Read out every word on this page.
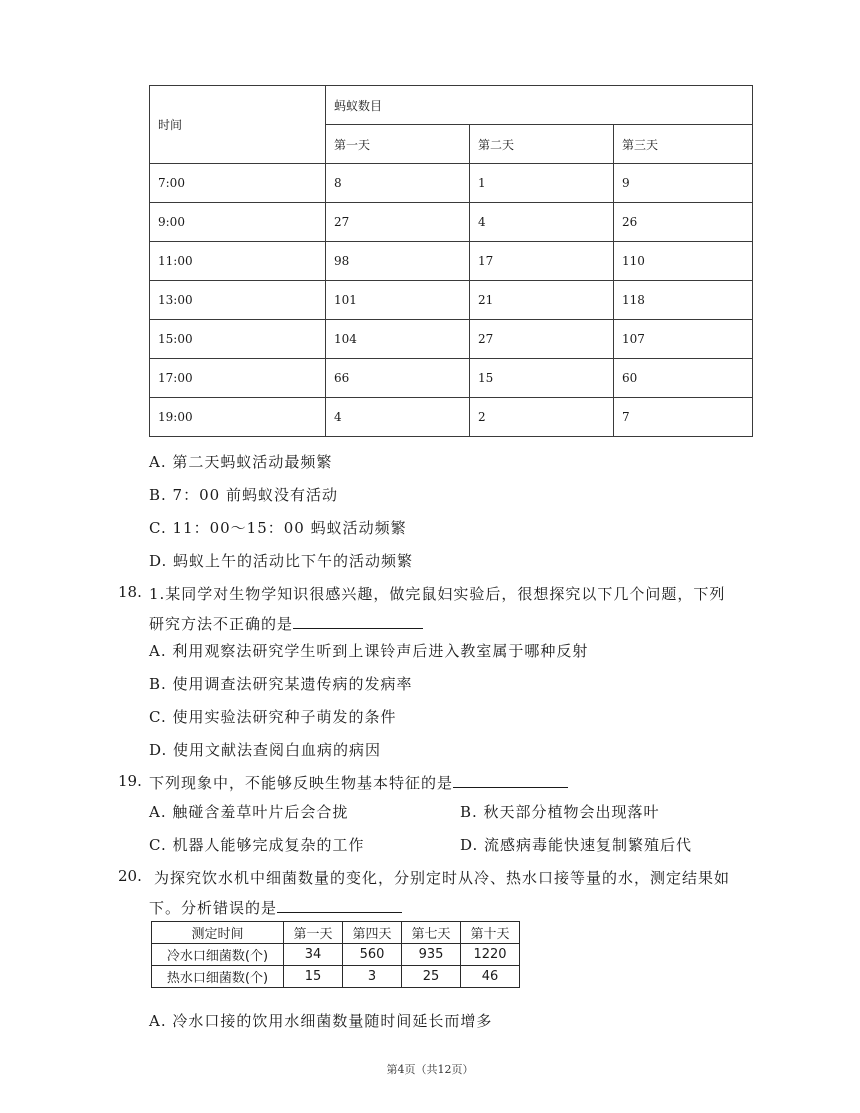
时间	蚂蚁数目		
	第一天	第二天	第三天
7:00	8	1	9
9:00	27	4	26
11:00	98	17	110
13:00	101	21	118
15:00	104	27	107
17:00	66	15	60
19:00	4	2	7
A. 第二天蚂蚁活动最频繁
B. 7：00 前蚂蚁没有活动
C. 11：00～15：00 蚂蚁活动频繁
D. 蚂蚁上午的活动比下午的活动频繁
18. 1.某同学对生物学知识很感兴趣，做完鼠妇实验后，很想探究以下几个问题，下列
研究方法不正确的是
A. 利用观察法研究学生听到上课铃声后进入教室属于哪种反射
B. 使用调查法研究某遗传病的发病率
C. 使用实验法研究种子萌发的条件
D. 使用文献法查阅白血病的病因
19. 下列现象中，不能够反映生物基本特征的是
A. 触碰含羞草叶片后会合拢	B. 秋天部分植物会出现落叶
C. 机器人能够完成复杂的工作	D. 流感病毒能快速复制繁殖后代
20. 为探究饮水机中细菌数量的变化，分别定时从冷、热水口接等量的水，测定结果如
下。分析错误的是
测定时间	第一天	第四天	第七天	第十天
冷水口细菌数(个)	34	560	935	1220
热水口细菌数(个)	15	3	25	46
A. 冷水口接的饮用水细菌数量随时间延长而增多
第4页（共12页）
